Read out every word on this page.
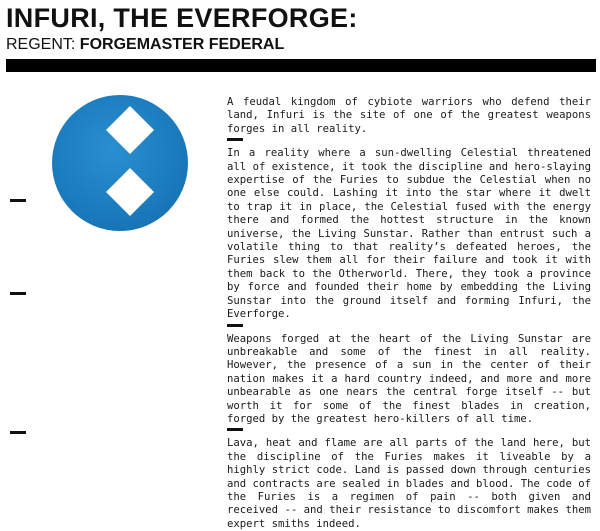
INFURI, THE EVERFORGE:
REGENT: FORGEMASTER FEDERAL

A feudal kingdom of cybiote warriors who defend their land, Infuri is the site of one of the greatest weapons forges in all reality.

In a reality where a sun-dwelling Celestial threatened all of existence, it took the discipline and hero-slaying expertise of the Furies to subdue the Celestial when no one else could. Lashing it into the star where it dwelt to trap it in place, the Celestial fused with the energy there and formed the hottest structure in the known universe, the Living Sunstar. Rather than entrust such a volatile thing to that reality’s defeated heroes, the Furies slew them all for their failure and took it with them back to the Otherworld. There, they took a province by force and founded their home by embedding the Living Sunstar into the ground itself and forming Infuri, the Everforge.

Weapons forged at the heart of the Living Sunstar are unbreakable and some of the finest in all reality. However, the presence of a sun in the center of their nation makes it a hard country indeed, and more and more unbearable as one nears the central forge itself -- but worth it for some of the finest blades in creation, forged by the greatest hero-killers of all time.

Lava, heat and flame are all parts of the land here, but the discipline of the Furies makes it liveable by a highly strict code. Land is passed down through centuries and contracts are sealed in blades and blood. The code of the Furies is a regimen of pain -- both given and received -- and their resistance to discomfort makes them expert smiths indeed.
